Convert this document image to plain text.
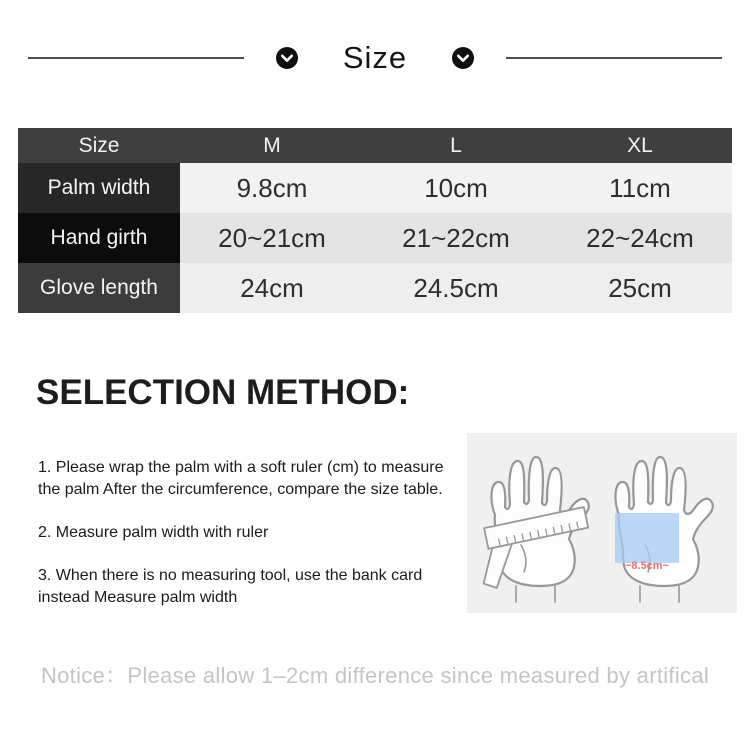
Size
Size	M	L	XL
Palm width	9.8cm	10cm	11cm
Hand girth	20~21cm	21~22cm	22~24cm
Glove length	24cm	24.5cm	25cm
SELECTION METHOD:

1. Please wrap the palm with a soft ruler (cm) to measure the palm After the circumference, compare the size table.

2. Measure palm width with ruler

3. When there is no measuring tool, use the bank card instead Measure palm width

~8.5cm~
Notice：Please allow 1–2cm difference since measured by artifical
